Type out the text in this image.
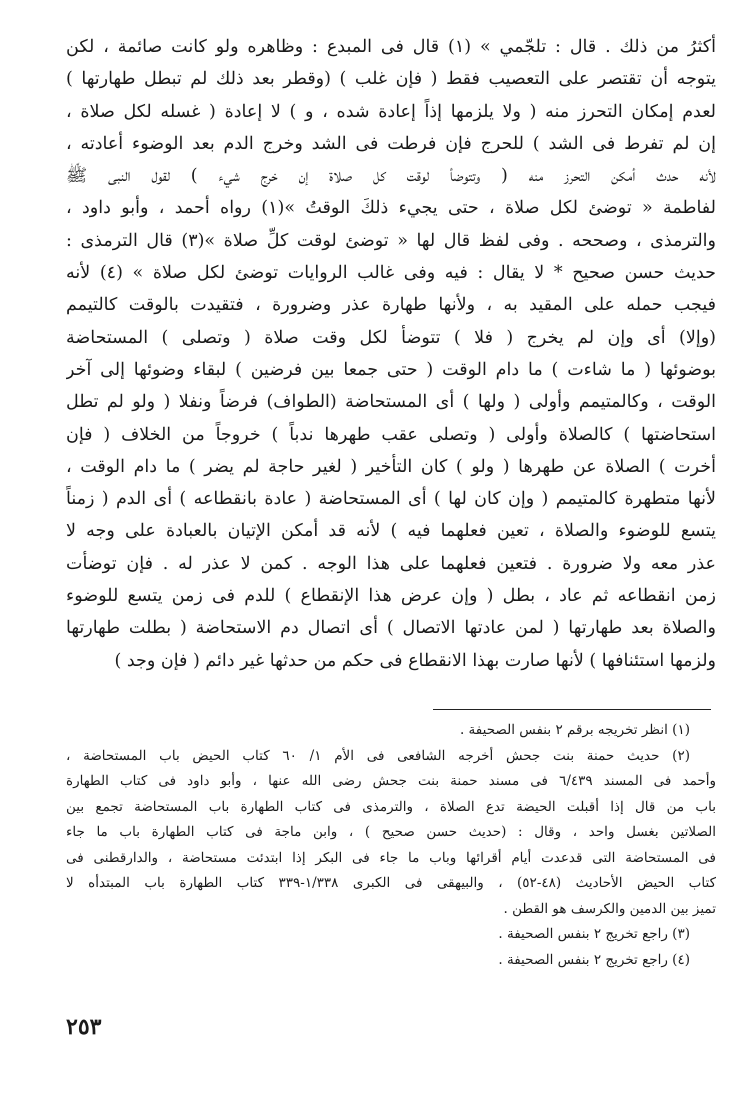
أكثرُ من ذلك . قال : تلجّمي » (١) قال فى المبدع : وظاهره ولو كانت صائمة ، لكن
يتوجه أن تقتصر على التعصيب فقط ( فإن غلب ) (وقطر بعد ذلك لم تبطل طهارتها )
لعدم إمكان التحرز منه ( ولا يلزمها إذاً إعادة شده ، و ) لا إعادة ( غسله لكل صلاة ،
إن لم تفرط فى الشد ) للحرج فإن فرطت فى الشد وخرج الدم بعد الوضوء أعادته ،
لأنه حدث أمكن التحرز منه ( وتتوضأ لوقت كل صلاة إن خرج شيء ) لقول النبى ﷺ
لفاطمة « توضئ لكل صلاة ، حتى يجيء ذلكَ الوقتُ »(١) رواه أحمد ، وأبو داود ،
والترمذى ، وصححه . وفى لفظ قال لها « توضئ لوقت كلِّ صلاة »(٣) قال الترمذى :
حديث حسن صحيح * لا يقال : فيه وفى غالب الروايات توضئ لكل صلاة » (٤) لأنه
فيجب حمله على المقيد به ، ولأنها طهارة عذر وضرورة ، فتقيدت بالوقت كالتيمم
(وإلا) أى وإن لم يخرج ( فلا ) تتوضأ لكل وقت صلاة ( وتصلى ) المستحاضة
بوضوئها ( ما شاءت ) ما دام الوقت ( حتى جمعا بين فرضين ) لبقاء وضوئها إلى آخر
الوقت ، وكالمتيمم وأولى ( ولها ) أى المستحاضة (الطواف) فرضاً ونفلا ( ولو لم تطل
استحاضتها ) كالصلاة وأولى ( وتصلى عقب طهرها ندباً ) خروجاً من الخلاف ( فإن
أخرت ) الصلاة عن طهرها ( ولو ) كان التأخير ( لغير حاجة لم يضر ) ما دام الوقت ،
لأنها متطهرة كالمتيمم ( وإن كان لها ) أى المستحاضة ( عادة بانقطاعه ) أى الدم ( زمناً
يتسع للوضوء والصلاة ، تعين فعلهما فيه ) لأنه قد أمكن الإتيان بالعبادة على وجه لا
عذر معه ولا ضرورة . فتعين فعلهما على هذا الوجه . كمن لا عذر له . فإن توضأت
زمن انقطاعه ثم عاد ، بطل ( وإن عرض هذا الإنقطاع ) للدم فى زمن يتسع للوضوء
والصلاة بعد طهارتها ( لمن عادتها الاتصال ) أى اتصال دم الاستحاضة ( بطلت طهارتها
ولزمها استئنافها ) لأنها صارت بهذا الانقطاع فى حكم من حدثها غير دائم ( فإن وجد )
(١) انظر تخريجه برقم ٢ بنفس الصحيفة .
(٢) حديث حمنة بنت جحش أخرجه الشافعى فى الأم ١/ ٦٠ كتاب الحيض باب المستحاضة ،
وأحمد فى المسند ٦/٤٣٩ فى مسند حمنة بنت جحش رضى الله عنها ، وأبو داود فى كتاب الطهارة
باب من قال إذا أقبلت الحيضة تدع الصلاة ، والترمذى فى كتاب الطهارة باب المستحاضة تجمع بين
الصلاتين بغسل واحد ، وقال : (حديث حسن صحيح ) ، وابن ماجة فى كتاب الطهارة باب ما جاء
فى المستحاضة التى قدعدت أيام أقرائها وباب ما جاء فى البكر إذا ابتدئت مستحاضة ، والدارقطنى فى
كتاب الحيض الأحاديث (٤٨-٥٢) ، والبيهقى فى الكبرى ١/٣٣٨-٣٣٩ كتاب الطهارة باب المبتدأه لا
تميز بين الدمين والكرسف هو القطن .
(٣) راجع تخريج ٢ بنفس الصحيفة .
(٤) راجع تخريج ٢ بنفس الصحيفة .
٢٥٣
